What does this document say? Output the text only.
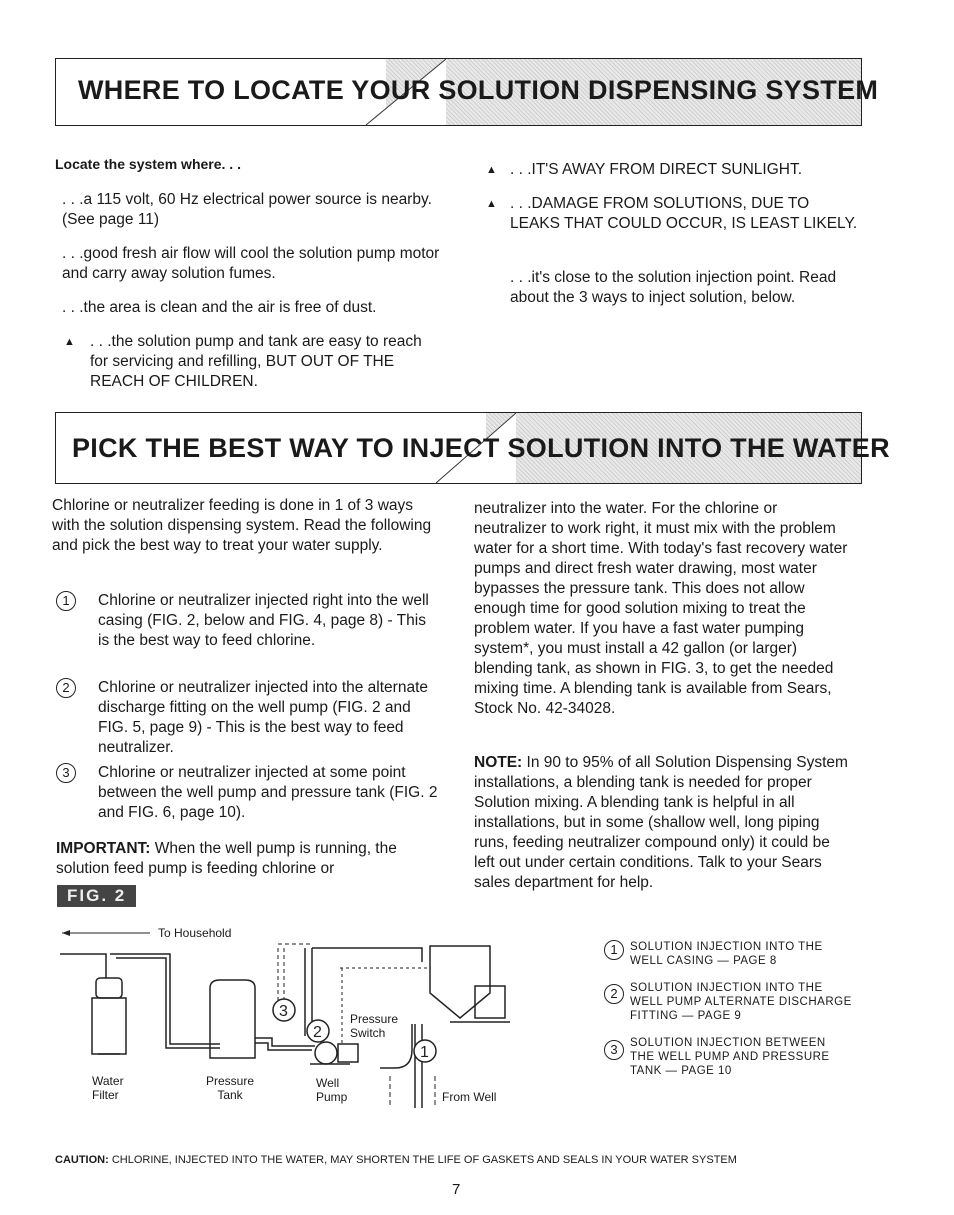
WHERE TO LOCATE YOUR SOLUTION DISPENSING SYSTEM
Locate the system where. . .
. . .a 115 volt, 60 Hz electrical power source is nearby. (See page 11)
. . .good fresh air flow will cool the solution pump motor and carry away solution fumes.
. . .the area is clean and the air is free of dust.
▲ . . .the solution pump and tank are easy to reach for servicing and refilling, BUT OUT OF THE REACH OF CHILDREN.
▲ . . .IT'S AWAY FROM DIRECT SUNLIGHT.
▲ . . .DAMAGE FROM SOLUTIONS, DUE TO LEAKS THAT COULD OCCUR, IS LEAST LIKELY.
. . .it's close to the solution injection point. Read about the 3 ways to inject solution, below.
PICK THE BEST WAY TO INJECT SOLUTION INTO THE WATER
Chlorine or neutralizer feeding is done in 1 of 3 ways with the solution dispensing system. Read the following and pick the best way to treat your water supply.
1	Chlorine or neutralizer injected right into the well casing (FIG. 2, below and FIG. 4, page 8) - This is the best way to feed chlorine.
2	Chlorine or neutralizer injected into the alternate discharge fitting on the well pump (FIG. 2 and FIG. 5, page 9) - This is the best way to feed neutralizer.
3	Chlorine or neutralizer injected at some point between the well pump and pressure tank (FIG. 2 and FIG. 6, page 10).
IMPORTANT: When the well pump is running, the solution feed pump is feeding chlorine or
neutralizer into the water. For the chlorine or neutralizer to work right, it must mix with the problem water for a short time. With today's fast recovery water pumps and direct fresh water drawing, most water bypasses the pressure tank. This does not allow enough time for good solution mixing to treat the problem water. If you have a fast water pumping system*, you must install a 42 gallon (or larger) blending tank, as shown in FIG. 3, to get the needed mixing time. A blending tank is available from Sears, Stock No. 42-34028.
NOTE: In 90 to 95% of all Solution Dispensing System installations, a blending tank is needed for proper Solution mixing. A blending tank is helpful in all installations, but in some (shallow well, long piping runs, feeding neutralizer compound only) it could be left out under certain conditions. Talk to your Sears sales department for help.
FIG. 2
3
2
1
To Household
Water Filter
Pressure Tank
Well Pump
Pressure Switch
From Well
1	SOLUTION INJECTION INTO THE WELL CASING — PAGE 8
2	SOLUTION INJECTION INTO THE WELL PUMP ALTERNATE DISCHARGE FITTING — PAGE 9
3	SOLUTION INJECTION BETWEEN THE WELL PUMP AND PRESSURE TANK — PAGE 10
CAUTION: CHLORINE, INJECTED INTO THE WATER, MAY SHORTEN THE LIFE OF GASKETS AND SEALS IN YOUR WATER SYSTEM
7
